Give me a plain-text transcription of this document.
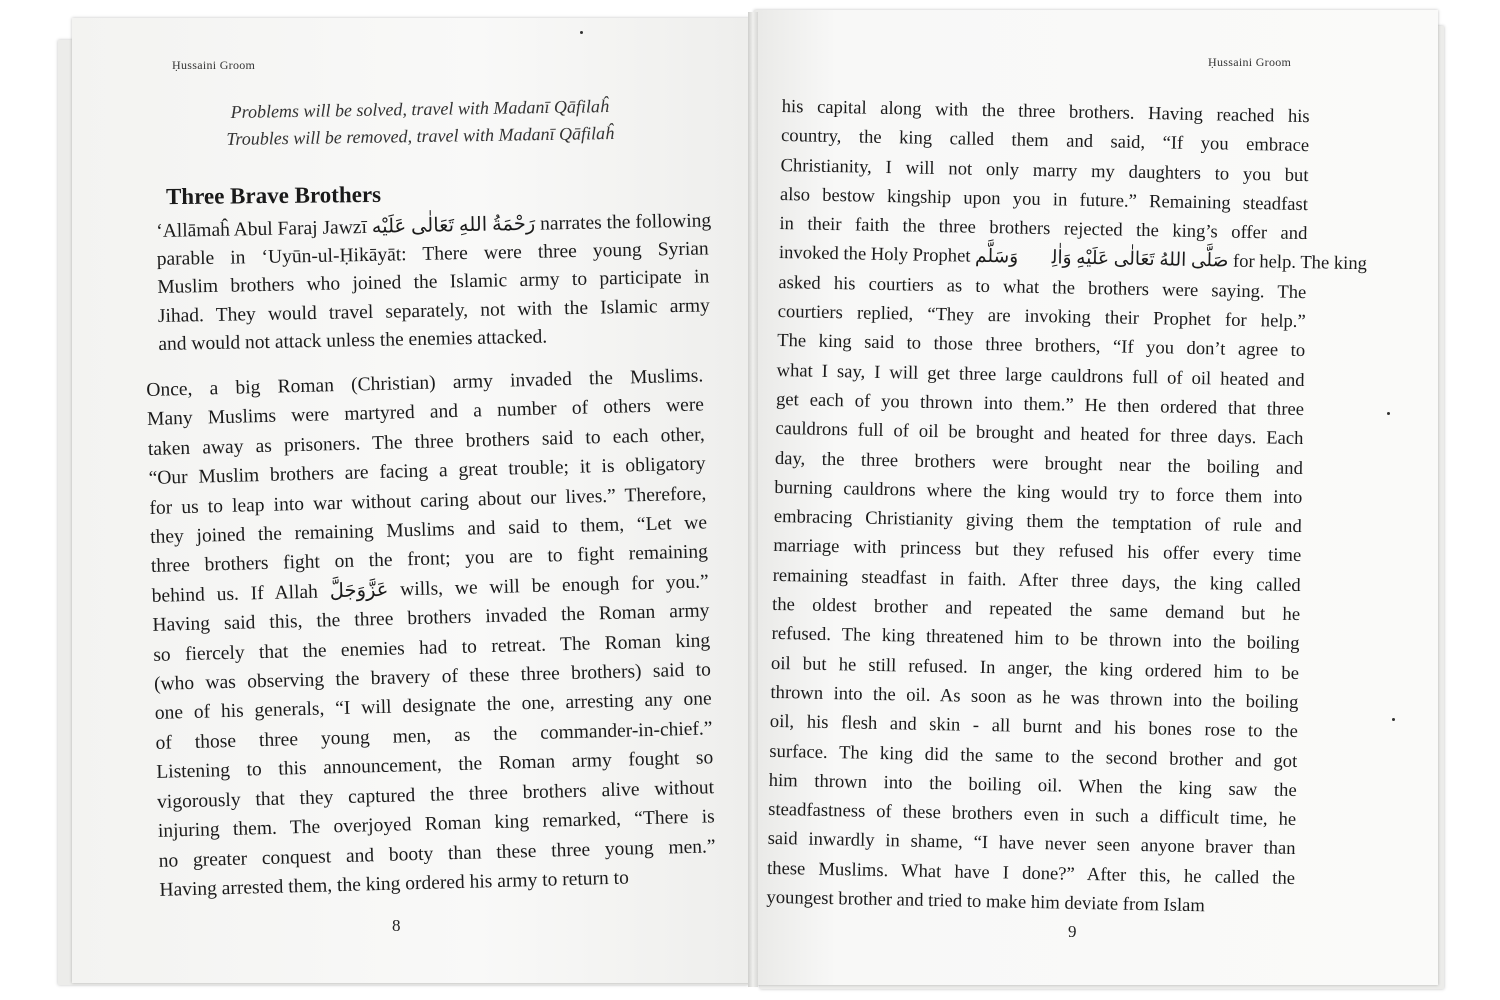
Ḥussaini Groom	Ḥussaini Groom
Problems will be solved, travel with Madanī Qāfilaĥ
Troubles will be removed, travel with Madanī Qāfilaĥ
Three Brave Brothers
ʻAllāmaĥ Abul Faraj Jawzī رَحْمَةُ اللهِ تَعَالٰى عَلَيْه narrates the following
parable in ʻUyūn-ul-Ḥikāyāt: There were three young Syrian
Muslim brothers who joined the Islamic army to participate in
Jihad. They would travel separately, not with the Islamic army
and would not attack unless the enemies attacked.
Once, a big Roman (Christian) army invaded the Muslims.
Many Muslims were martyred and a number of others were
taken away as prisoners. The three brothers said to each other,
“Our Muslim brothers are facing a great trouble; it is obligatory
for us to leap into war without caring about our lives.” Therefore,
they joined the remaining Muslims and said to them, “Let we
three brothers fight on the front; you are to fight remaining
behind us. If Allah عَزَّوَجَلَّ wills, we will be enough for you.”
Having said this, the three brothers invaded the Roman army
so fiercely that the enemies had to retreat. The Roman king
(who was observing the bravery of these three brothers) said to
one of his generals, “I will designate the one, arresting any one
of those three young men, as the commander-in-chief.”
Listening to this announcement, the Roman army fought so
vigorously that they captured the three brothers alive without
injuring them. The overjoyed Roman king remarked, “There is
no greater conquest and booty than these three young men.”
Having arrested them, the king ordered his army to return to
his capital along with the three brothers. Having reached his
country, the king called them and said, “If you embrace
Christianity, I will not only marry my daughters to you but
also bestow kingship upon you in future.” Remaining steadfast
in their faith the three brothers rejected the king’s offer and
invoked the Holy Prophet صَلَّى اللهُ تَعَالٰى عَلَيْهِ وَاٰلِهٖ وَسَلَّم for help. The king
asked his courtiers as to what the brothers were saying. The
courtiers replied, “They are invoking their Prophet for help.”
The king said to those three brothers, “If you don’t agree to
what I say, I will get three large cauldrons full of oil heated and
get each of you thrown into them.” He then ordered that three
cauldrons full of oil be brought and heated for three days. Each
day, the three brothers were brought near the boiling and
burning cauldrons where the king would try to force them into
embracing Christianity giving them the temptation of rule and
marriage with princess but they refused his offer every time
remaining steadfast in faith. After three days, the king called
the oldest brother and repeated the same demand but he
refused. The king threatened him to be thrown into the boiling
oil but he still refused. In anger, the king ordered him to be
thrown into the oil. As soon as he was thrown into the boiling
oil, his flesh and skin - all burnt and his bones rose to the
surface. The king did the same to the second brother and got
him thrown into the boiling oil. When the king saw the
steadfastness of these brothers even in such a difficult time, he
said inwardly in shame, “I have never seen anyone braver than
these Muslims. What have I done?” After this, he called the
youngest brother and tried to make him deviate from Islam
8	9
